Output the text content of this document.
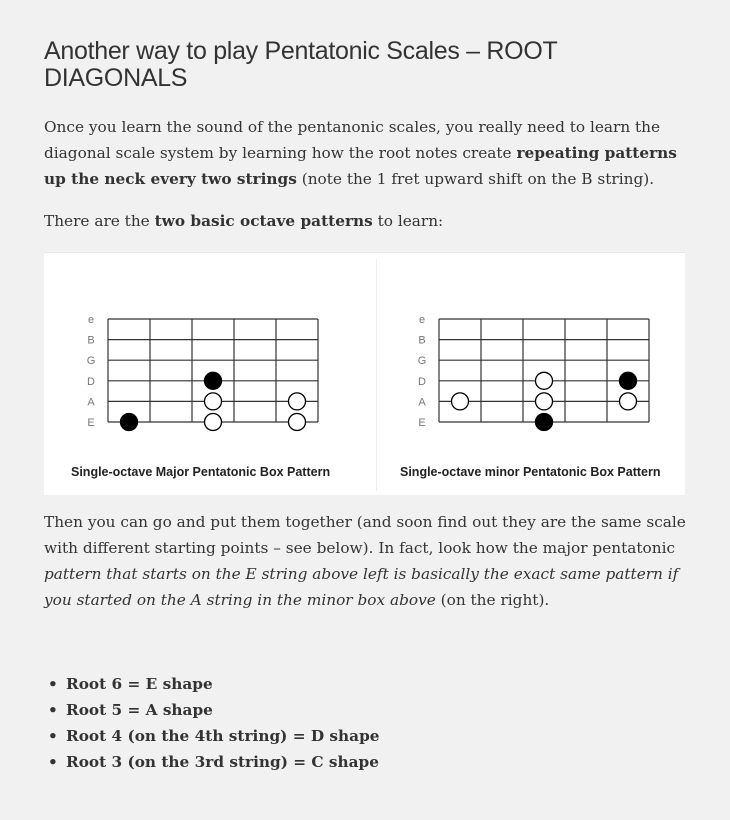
Another way to play Pentatonic Scales – ROOT
DIAGONALS

Once you learn the sound of the pentanonic scales, you really need to learn the diagonal scale system by learning how the root notes create repeating patterns up the neck every two strings (note the 1 fret upward shift on the B string).

There are the two basic octave patterns to learn:

e
B
G
D
A
E
e
B
G
D
A
E
Single-octave Major Pentatonic Box Pattern	Single-octave minor Pentatonic Box Pattern

Then you can go and put them together (and soon find out they are the same scale with different starting points – see below). In fact, look how the major pentatonic pattern that starts on the E string above left is basically the exact same pattern if you started on the A string in the minor box above (on the right).

• Root 6 = E shape
• Root 5 = A shape
• Root 4 (on the 4th string) = D shape
• Root 3 (on the 3rd string) = C shape
